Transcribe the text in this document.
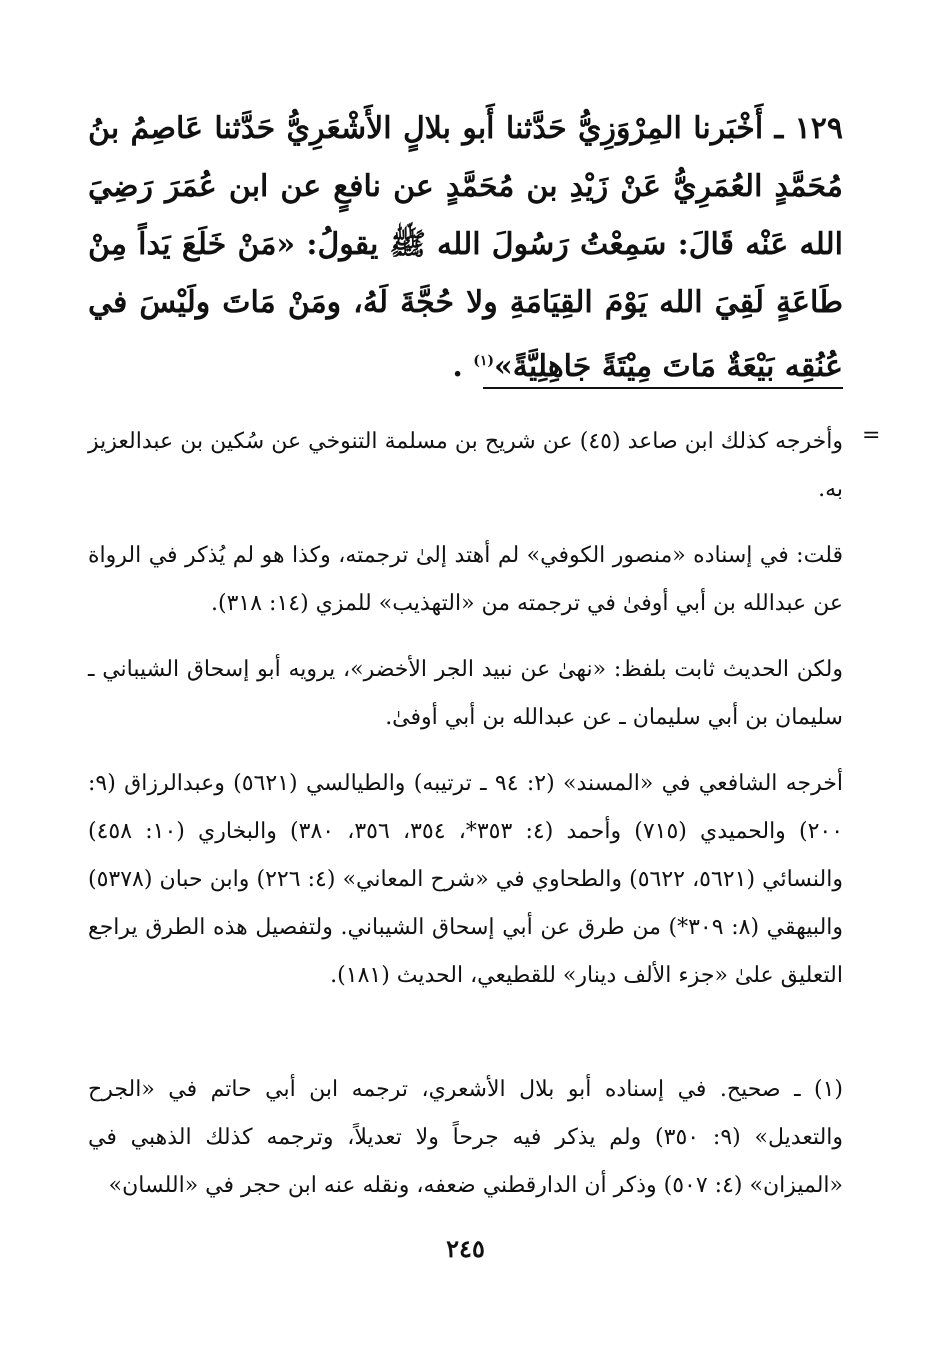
١٢٩ ـ أَخْبَرنا المِرْوَزِيُّ حَدَّثنا أَبو بلالٍ الأَشْعَرِيُّ حَدَّثنا عَاصِمُ بنُ مُحَمَّدٍ العُمَرِيُّ عَنْ زَيْدِ بن مُحَمَّدٍ عن نافعٍ عن ابن عُمَرَ رَضِيَ الله عَنْه قَالَ: سَمِعْتُ رَسُولَ الله ﷺ يقولُ: «مَنْ خَلَعَ يَداً مِنْ طَاعَةٍ لَقِيَ الله يَوْمَ القِيَامَةِ ولا حُجَّةَ لَهُ، ومَنْ مَاتَ ولَيْسَ في عُنُقِه بَيْعَةٌ مَاتَ مِيْتَةً جَاهِلِيَّةً»$^{(١)}$ .

=

وأخرجه كذلك ابن صاعد (٤٥) عن شريح بن مسلمة التنوخي عن سُكين بن عبدالعزيز به.

قلت: في إسناده «منصور الكوفي» لم أهتد إلىٰ ترجمته، وكذا هو لم يُذكر في الرواة عن عبدالله بن أبي أوفىٰ في ترجمته من «التهذيب» للمزي (١٤: ٣١٨).

ولكن الحديث ثابت بلفظ: «نهىٰ عن نبيد الجر الأخضر»، يرويه أبو إسحاق الشيباني ـ سليمان بن أبي سليمان ـ عن عبدالله بن أبي أوفىٰ.

أخرجه الشافعي في «المسند» (٢: ٩٤ ـ ترتيبه) والطيالسي (٥٦٢١) وعبدالرزاق (٩: ٢٠٠) والحميدي (٧١٥) وأحمد (٤: ٣٥٣*، ٣٥٤، ٣٥٦، ٣٨٠) والبخاري (١٠: ٤٥٨) والنسائي (٥٦٢١، ٥٦٢٢) والطحاوي في «شرح المعاني» (٤: ٢٢٦) وابن حبان (٥٣٧٨) والبيهقي (٨: ٣٠٩*) من طرق عن أبي إسحاق الشيباني. ولتفصيل هذه الطرق يراجع التعليق علىٰ «جزء الألف دينار» للقطيعي، الحديث (١٨١).

(١) ـ صحيح. في إسناده أبو بلال الأشعري، ترجمه ابن أبي حاتم في «الجرح والتعديل» (٩: ٣٥٠) ولم يذكر فيه جرحاً ولا تعديلاً، وترجمه كذلك الذهبي في «الميزان» (٤: ٥٠٧) وذكر أن الدارقطني ضعفه، ونقله عنه ابن حجر في «اللسان»

٢٤٥
